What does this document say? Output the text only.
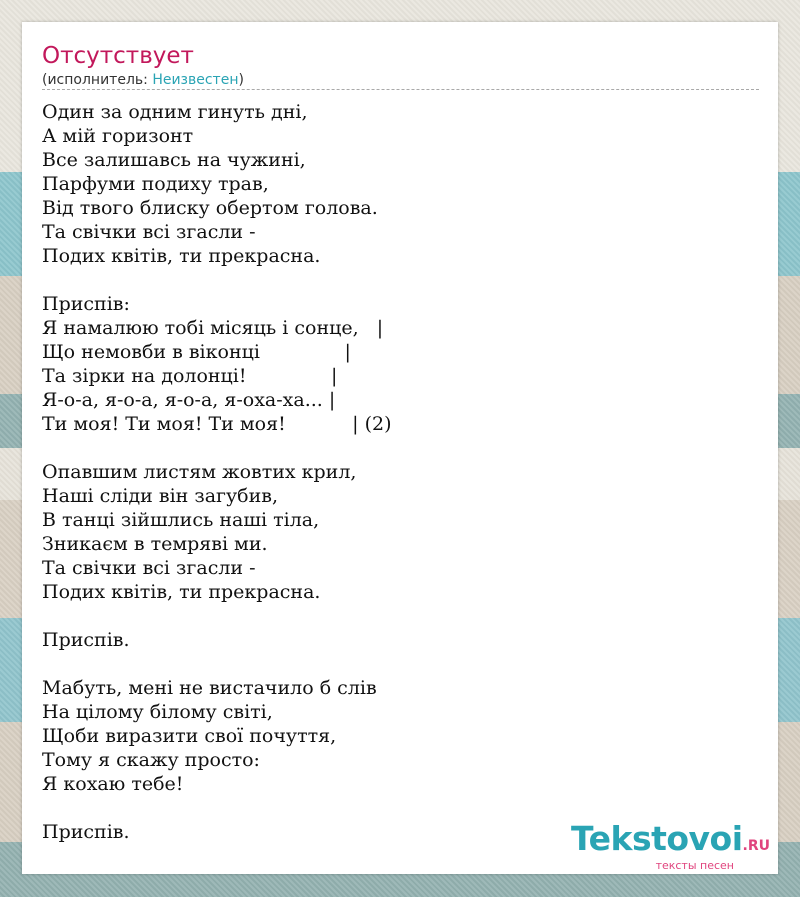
Отсутствует
(исполнитель: Неизвестен)
Один за одним гинуть дні,
А мій горизонт
Все залишавсь на чужині,
Парфуми подиху трав,
Від твого блиску обертом голова.
Та свічки всі згасли -
Подих квітів, ти прекрасна.
Приспів:
Я намалюю тобі місяць і сонце,   |
Що немовби в віконці              |
Та зірки на долонці!              |
Я-о-а, я-о-а, я-о-а, я-оха-ха... |
Ти моя! Ти моя! Ти моя!           | (2)
Опавшим листям жовтих крил,
Наші сліди він загубив,
В танці зійшлись наші тіла,
Зникаєм в темряві ми.
Та свічки всі згасли -
Подих квітів, ти прекрасна.
Приспів.
Мабуть, мені не вистачило б слів
На цілому білому світі,
Щоби виразити свої почуття,
Тому я скажу просто:
Я кохаю тебе!
Приспів.	Tekstovoi.RU
тексты песен
